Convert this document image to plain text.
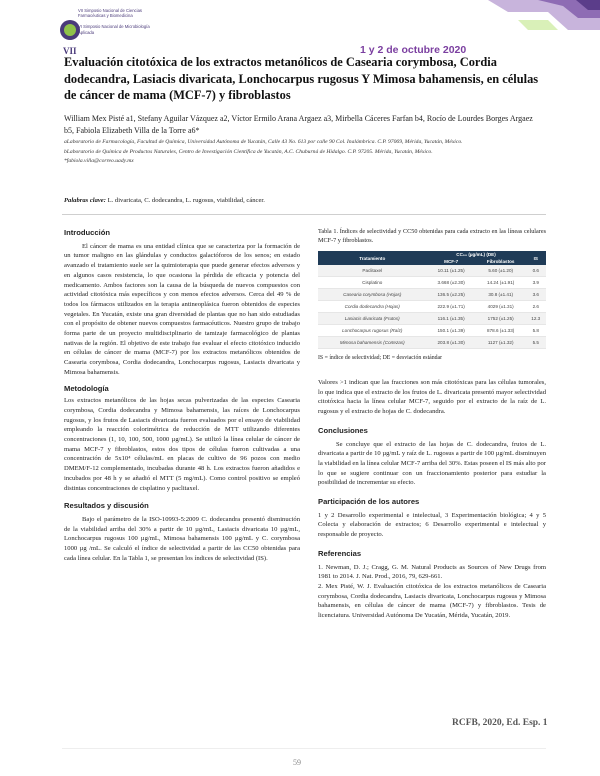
VII
VII Simposio Nacional de Ciencias Farmacéuticas y Biomedicina
VI Simposio Nacional de Microbiología Aplicada
1 y 2 de octubre 2020
Evaluación citotóxica de los extractos metanólicos de Casearia corymbosa, Cordia dodecandra, Lasiacis divaricata, Lonchocarpus rugosus Y Mimosa bahamensis, en células de cáncer de mama (MCF-7) y fibroblastos
William Mex Pisté a1, Stefany Aguilar Vázquez a2, Víctor Ermilo Arana Argaez a3, Mirbella Cáceres Farfan b4, Rocío de Lourdes Borges Argaez b5, Fabiola Elizabeth Villa de la Torre a6*
aLaboratorio de Farmacología, Facultad de Química, Universidad Autónoma de Yucatán, Calle 43 No. 613 por calle 90 Col. Inalámbrica. C.P. 97069, Mérida, Yucatán, México.
bLaboratorio de Química de Productos Naturales, Centro de Investigación Científica de Yucatán, A.C. Chuburná de Hidalgo. C.P. 97205. Mérida, Yucatán, México.
*fabiola.villa@correo.uady.mx
Palabras clave: L. divaricata, C. dodecandra, L. rugosus, viabilidad, cáncer.
Introducción

El cáncer de mama es una entidad clínica que se caracteriza por la formación de un tumor maligno en las glándulas y conductos galactóforos de los senos; en estado avanzado el tratamiento suele ser la quimioterapia que puede generar efectos adversos y en algunos casos resistencia, lo que ocasiona la pérdida de eficacia y potencia del medicamento. Ambos factores son la causa de la búsqueda de nuevos compuestos con actividad citotóxica más específicos y con menos efectos adversos. Cerca del 49 % de todos los fármacos utilizados en la terapia antineoplásica fueron obtenidos de especies vegetales. En Yucatán, existe una gran diversidad de plantas que no han sido estudiadas con el propósito de obtener nuevos compuestos farmacéuticos. Nuestro grupo de trabajo forma parte de un proyecto multidisciplinario de tamizaje farmacológico de plantas nativas de la región. El objetivo de este trabajo fue evaluar el efecto citotóxico inducido en células de cáncer de mama (MCF-7) por los extractos metanólicos obtenidos de Casearia corymbosa, Cordia dodecandra, Lonchocarpus rugosus, Lasiacis divaricata y Mimosa bahamensis.

Metodología

Los extractos metanólicos de las hojas secas pulverizadas de las especies Casearia corymbosa, Cordia dodecandra y Mimosa bahamensis, las raíces de Lonchocarpus rugosus, y los frutos de Lasiacis divaricata fueron evaluados por el ensayo de viabilidad empleando la reacción colorimétrica de reducción de MTT utilizando diferentes concentraciones (1, 10, 100, 500, 1000 µg/mL). Se utilizó la línea celular de cáncer de mama MCF-7 y fibroblastos, estos dos tipos de células fueron cultivadas a una concentración de 5x10⁴ células/mL en placas de cultivo de 96 pozos con medio DMEM/F-12 complementado, incubadas durante 48 h. Los extractos fueron añadidos e incubados por 48 h y se añadió el MTT (5 mg/mL). Como control positivo se empleó distintas concentraciones de cisplatino y paclitaxel.

Resultados y discusión

Bajo el parámetro de la ISO-10993-5:2009 C. dodecandra presentó disminución de la viabilidad arriba del 30% a partir de 10 µg/mL, Lasiacis divaricata 10 µg/mL, Lonchocarpus rugosus 100 µg/mL, Mimosa bahamensis 100 µg/mL y C. corymbosa 1000 µg /mL. Se calculó el índice de selectividad a partir de las CC50 obtenidas para cada línea celular. En la Tabla 1, se presentan los índices de selectividad (IS).

Tabla 1. Índices de selectividad y CC50 obtenidas para cada extracto en las líneas celulares MCF-7 y fibroblastos.
Tratamiento	CC₅₀ (µg/mL) (DE)		IS
	MCF-7	Fibroblastos	
Paclitaxel	10.11 (±1.25)	5.60 (±1.20)	0.6
Cisplatino	3.668 (±2.30)	14.24 (±1.91)	3.9
Casearia corymbosa (Hojas)	136.5 (±2.25)	30.8 (±1.41)	3.6
Cordia dodecandra (Hojas)	222.9 (±1.71)	4029 (±1.31)	2.6
Lasiacis divaricata (Frutos)	116.1 (±1.35)	1752 (±1.25)	12.3
Lonchocarpus rugosus (Raíz)	150.1 (±1.39)	878.6 (±1.33)	5.8
Mimosa bahamensis (Cortezas)	203.8 (±1.30)	1127 (±1.32)	5.5
IS = índice de selectividad; DE = desviación estándar

Valores >1 indican que las fracciones son más citotóxicas para las células tumorales, lo que indica que el extracto de los frutos de L. divaricata presentó mayor selectividad citotóxica hacia la línea celular MCF-7, seguido por el extracto de la raíz de L. rugosus y el extracto de hojas de C. dodecandra.

Conclusiones

Se concluye que el extracto de las hojas de C. dodecandra, frutos de L. divaricata a partir de 10 µg/mL y raíz de L. rugosus a partir de 100 µg/mL disminuyen la viabilidad en la línea celular MCF-7 arriba del 30%. Estas poseen el IS más alto por lo que se sugiere continuar con un fraccionamiento posterior para estudiar la posibilidad de incrementar su efecto.

Participación de los autores

1 y 2 Desarrollo experimental e intelectual, 3 Experimentación biológica; 4 y 5 Colecta y elaboración de extractos; 6 Desarrollo experimental e intelectual y responsable de proyecto.

Referencias

1. Newman, D. J.; Cragg, G. M. Natural Products as Sources of New Drugs from 1981 to 2014. J. Nat. Prod., 2016, 79, 629-661.

2. Mex Pisté, W. J. Evaluación citotóxica de los extractos metanólicos de Casearia corymbosa, Cordia dodecandra, Lasiacis divaricata, Lonchocarpus rugosus y Mimosa bahamensis, en células de cáncer de mama (MCF-7) y fibroblastos. Tesis de licenciatura. Universidad Autónoma De Yucatán, Mérida, Yucatán, 2019.

RCFB, 2020, Ed. Esp. 1
59
